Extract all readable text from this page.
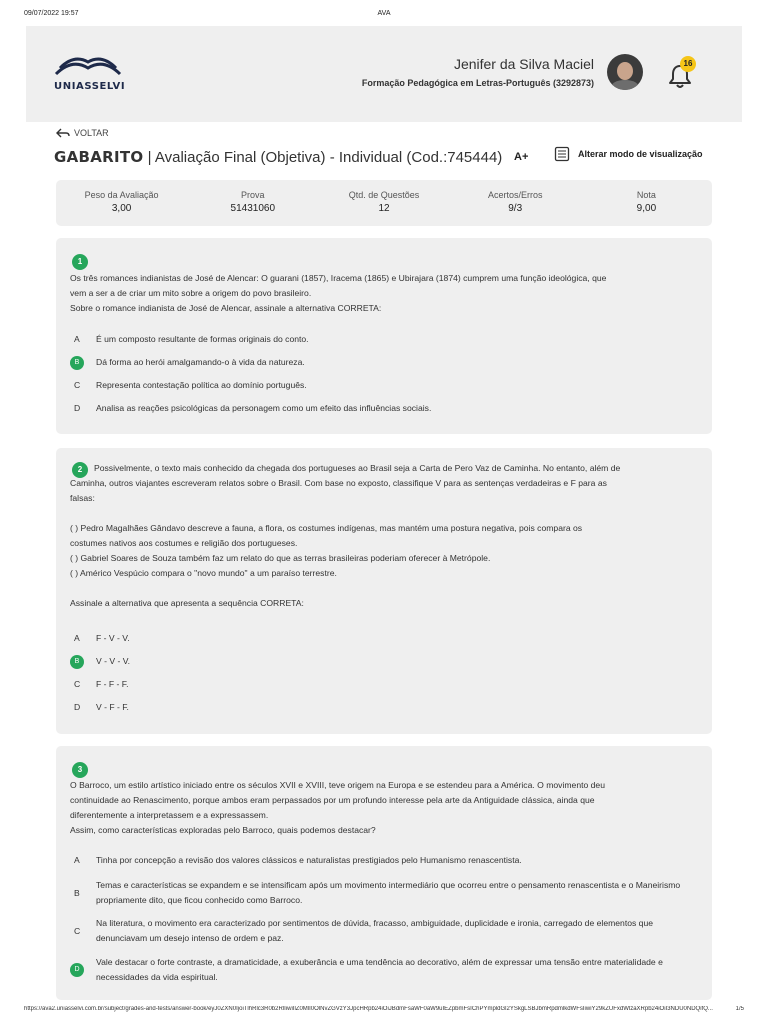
09/07/2022 19:57	AVA
UNIASSELVI
Jenifer da Silva Maciel
Formação Pedagógica em Letras-Português (3292873)
16
VOLTAR
GABARITO | Avaliação Final (Objetiva) - Individual (Cod.:745444) A+	Alterar modo de visualização
Peso da Avaliação
3,00
Prova
51431060
Qtd. de Questões
12
Acertos/Erros
9/3
Nota
9,00
1
Os três romances indianistas de José de Alencar: O guarani (1857), Iracema (1865) e Ubirajara (1874) cumprem uma função ideológica, que
vem a ser a de criar um mito sobre a origem do povo brasileiro.
Sobre o romance indianista de José de Alencar, assinale a alternativa CORRETA:
A	É um composto resultante de formas originais do conto.
B	Dá forma ao herói amalgamando-o à vida da natureza.
C	Representa contestação política ao domínio português.
D	Analisa as reações psicológicas da personagem como um efeito das influências sociais.
2	Possivelmente, o texto mais conhecido da chegada dos portugueses ao Brasil seja a Carta de Pero Vaz de Caminha. No entanto, além de
Caminha, outros viajantes escreveram relatos sobre o Brasil. Com base no exposto, classifique V para as sentenças verdadeiras e F para as
falsas:
( ) Pedro Magalhães Gândavo descreve a fauna, a flora, os costumes indígenas, mas mantém uma postura negativa, pois compara os
costumes nativos aos costumes e religião dos portugueses.
( ) Gabriel Soares de Souza também faz um relato do que as terras brasileiras poderiam oferecer à Metrópole.
( ) Américo Vespúcio compara o "novo mundo" a um paraíso terrestre.
Assinale a alternativa que apresenta a sequência CORRETA:
A	F - V - V.
B	V - V - V.
C	F - F - F.
D	V - F - F.
3
O Barroco, um estilo artístico iniciado entre os séculos XVII e XVIII, teve origem na Europa e se estendeu para a América. O movimento deu
continuidade ao Renascimento, porque ambos eram perpassados por um profundo interesse pela arte da Antiguidade clássica, ainda que
diferentemente a interpretassem e a expressassem.
Assim, como características exploradas pelo Barroco, quais podemos destacar?
A	Tinha por concepção a revisão dos valores clássicos e naturalistas prestigiados pelo Humanismo renascentista.
B
Temas e características se expandem e se intensificam após um movimento intermediário que ocorreu entre o pensamento renascentista e o Maneirismo propriamente dito, que ficou conhecido como Barroco.
C
Na literatura, o movimento era caracterizado por sentimentos de dúvida, fracasso, ambiguidade, duplicidade e ironia, carregado de elementos que denunciavam um desejo intenso de ordem e paz.
D
Vale destacar o forte contraste, a dramaticidade, a exuberância e uma tendência ao decorativo, além de expressar uma tensão entre materialidade e necessidades da vida espiritual.
https://ava2.uniasselvi.com.br/subject/grades-and-tests/answer-book/eyJ0ZXN0IjoiTlhRlc3R0b2RlIiwiIlZ0MlI0OlNvZGVzY3JpcHRpb24iOiJBdmFsaWF0aW9uIEZpbmFsIChPYmpldGl2YSkgLSBJbmRpdmlkdWFsIiwiY29kZUFxdWlzaXRpb24iOiI3NDU0NDQifQ...	1/5
